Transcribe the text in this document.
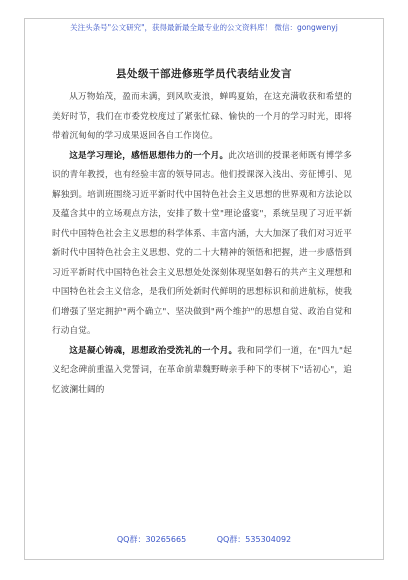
关注头条号"公文研究"，获得最新最全最专业的公文资料库！ 微信：gongwenyj
县处级干部进修班学员代表结业发言

从万物始茂，盈而未满，到风吹麦浪，蝉鸣夏始，在这充满收获和希望的美好时节，我们在市委党校度过了紧张忙碌、愉快的一个月的学习时光，即将带着沉甸甸的学习成果返回各自工作岗位。

这是学习理论，感悟思想伟力的一个月。此次培训的授课老师既有博学多识的青年教授，也有经验丰富的领导同志。他们授课深入浅出、旁征博引、见解独到。培训班围绕习近平新时代中国特色社会主义思想的世界观和方法论以及蕴含其中的立场观点方法，安排了数十堂"理论盛宴"，系统呈现了习近平新时代中国特色社会主义思想的科学体系、丰富内涵，大大加深了我们对习近平新时代中国特色社会主义思想、党的二十大精神的领悟和把握，进一步感悟到习近平新时代中国特色社会主义思想处处深刻体现坚如磐石的共产主义理想和中国特色社会主义信念，是我们所处新时代鲜明的思想标识和前进航标，使我们增强了坚定拥护"两个确立"、坚决做到"两个维护"的思想自觉、政治自觉和行动自觉。

这是凝心铸魂，思想政治受洗礼的一个月。我和同学们一道，在"四九"起义纪念碑前重温入党誓词，在革命前辈魏野畴亲手种下的枣树下"话初心"，追忆波澜壮阔的

QQ群：30265665	QQ群：535304092
